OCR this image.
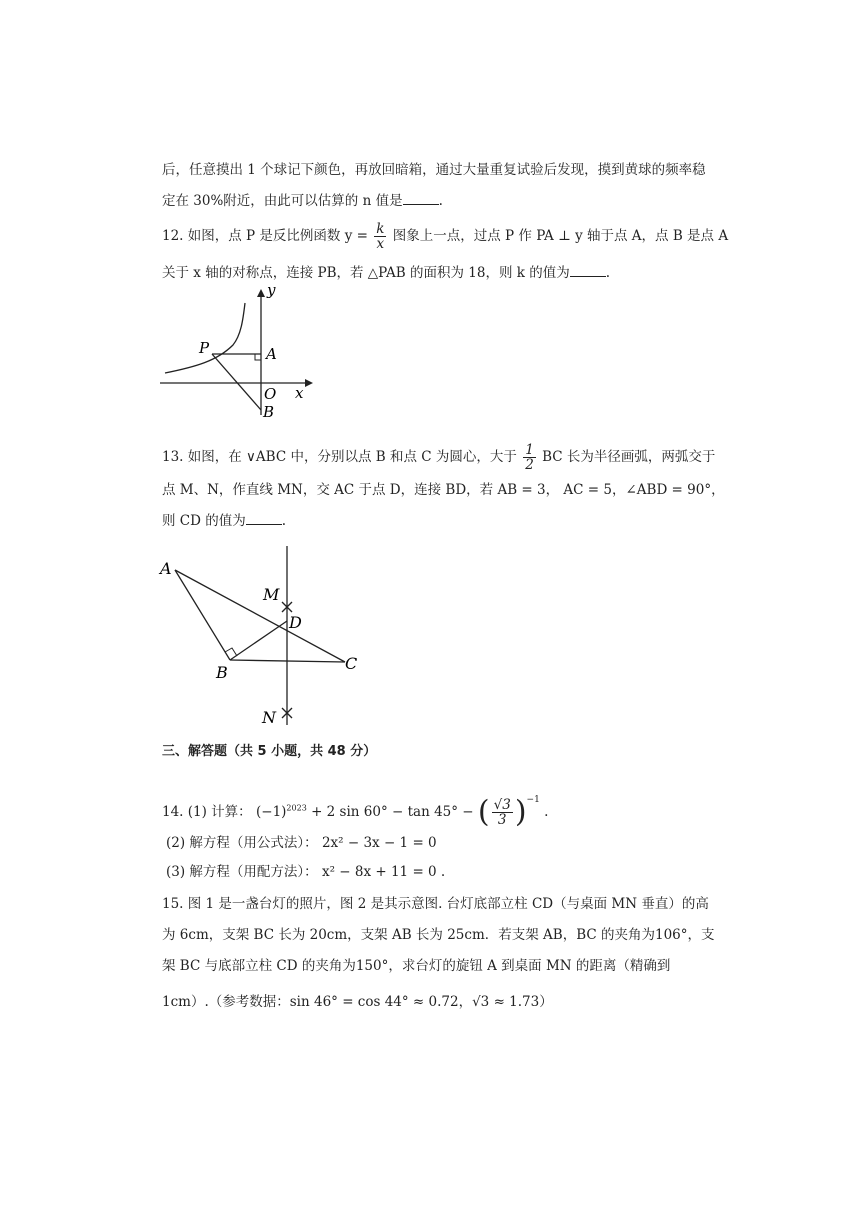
后，任意摸出 1 个球记下颜色，再放回暗箱，通过大量重复试验后发现，摸到黄球的频率稳
定在 30%附近，由此可以估算的 n 值是	.
12. 如图，点 P 是反比例函数 $y = \frac{k}{x}$ 图象上一点，过点 P 作 PA ⊥ y 轴于点 A，点 B 是点 A
关于 x 轴的对称点，连接 PB，若 △PAB 的面积为 18，则 k 的值为	.
y
x
P	A
O
B
13. 如图，在 ∨ABC 中，分别以点 B 和点 C 为圆心，大于 $\frac{1}{2}$ BC 长为半径画弧，两弧交于
点 M、N，作直线 MN，交 AC 于点 D，连接 BD，若 AB = 3， AC = 5，∠ABD = 90°，
则 CD 的值为	.
A
M
D
B	C
N
三、解答题（共 5 小题，共 48 分）
14. (1) 计算： $(-1)^{2023} + 2$ sin 60° − tan 45° − ( $\frac{√3}{3} )^{-1}$ .
(2) 解方程（用公式法）： 2x² − 3x − 1 = 0
(3) 解方程（用配方法）： x² − 8x + 11 = 0 .
15. 图 1 是一盏台灯的照片，图 2 是其示意图. 台灯底部立柱 CD（与桌面 MN 垂直）的高
为 6cm，支架 BC 长为 20cm，支架 AB 长为 25cm．若支架 AB，BC 的夹角为106°，支
架 BC 与底部立柱 CD 的夹角为150°，求台灯的旋钮 A 到桌面 MN 的距离（精确到
1cm）.（参考数据：sin 46° = cos 44° ≈ 0.72，√3 ≈ 1.73）
